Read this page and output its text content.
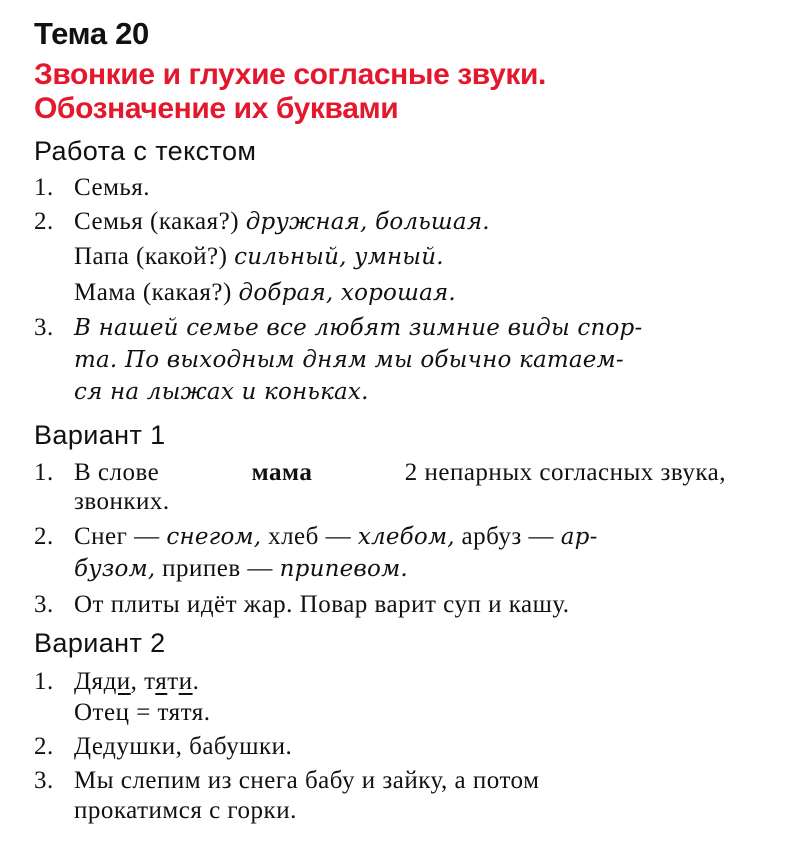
Тема 20
Звонкие и глухие согласные звуки.
Обозначение их буквами
Работа с текстом
1. Семья.
2. Семья (какая?) дружная, большая.
Папа (какой?) сильный, умный.
Мама (какая?) добрая, хорошая.
3. В нашей семье все любят зимние виды спор-
та. По выходным дням мы обычно катаем-
ся на лыжах и коньках.
Вариант 1
1. В слове	мама	2 непарных согласных звука,
звонких.
2. Снег — снегом, хлеб — хлебом, арбуз — ар-
бузом, припев — припевом.
3. От плиты идёт жар. Повар варит суп и кашу.
Вариант 2
1. Дяди, тяти.
Отец = тятя.
2. Дедушки, бабушки.
3. Мы слепим из снега бабу и зайку, а потом
прокатимся с горки.
